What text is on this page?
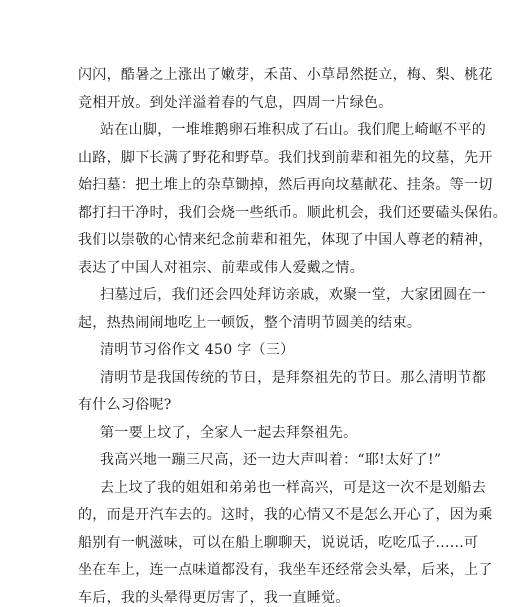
闪闪，酷暑之上涨出了嫩芽，禾苗、小草昂然挺立，梅、梨、桃花
竞相开放。到处洋溢着春的气息，四周一片绿色。
站在山脚，一堆堆鹅卵石堆积成了石山。我们爬上崎岖不平的
山路，脚下长满了野花和野草。我们找到前辈和祖先的坟墓，先开
始扫墓：把土堆上的杂草锄掉，然后再向坟墓献花、挂条。等一切
都打扫干净时，我们会烧一些纸币。顺此机会，我们还要磕头保佑。
我们以崇敬的心情来纪念前辈和祖先，体现了中国人尊老的精神，
表达了中国人对祖宗、前辈或伟人爱戴之情。
扫墓过后，我们还会四处拜访亲戚，欢聚一堂，大家团圆在一
起，热热闹闹地吃上一顿饭，整个清明节圆美的结束。
清明节习俗作文 450 字（三）
清明节是我国传统的节日，是拜祭祖先的节日。那么清明节都
有什么习俗呢?
第一要上坟了，全家人一起去拜祭祖先。
我高兴地一蹦三尺高，还一边大声叫着：“耶!太好了!”
去上坟了我的姐姐和弟弟也一样高兴，可是这一次不是划船去
的，而是开汽车去的。这时，我的心情又不是怎么开心了，因为乘
船别有一帆滋味，可以在船上聊聊天，说说话，吃吃瓜子......可
坐在车上，连一点味道都没有，我坐车还经常会头晕，后来，上了
车后，我的头晕得更厉害了，我一直睡觉。
